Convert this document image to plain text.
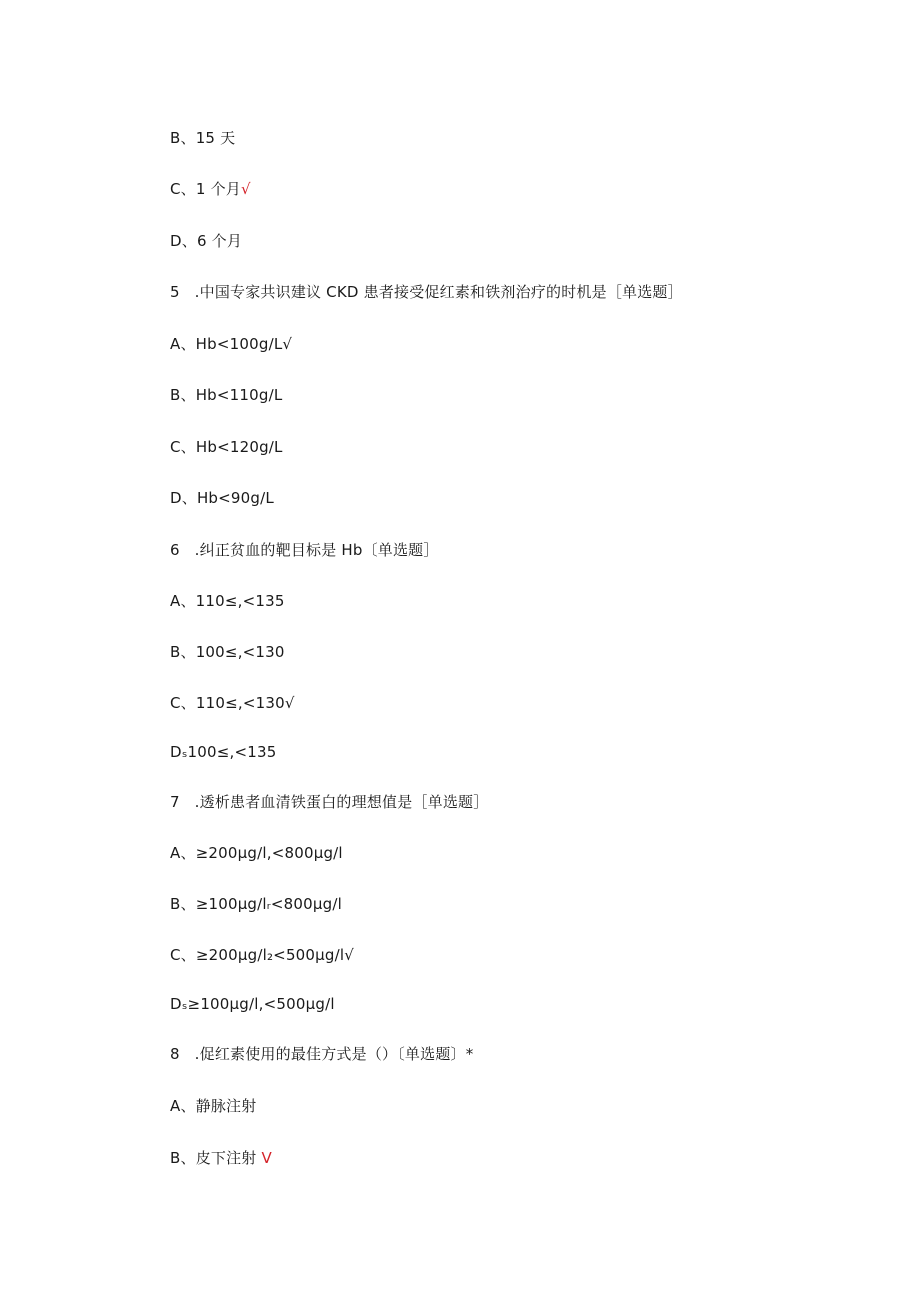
B、15 天
C、1 个月√
D、6 个月
5   .中国专家共识建议 CKD 患者接受促红素和铁剂治疗的时机是［单选题］
A、Hb<100g∕L√
B、Hb<110g∕L
C、Hb<120g∕L
D、Hb<90g∕L
6   .纠正贫血的靶目标是 Hb〔单选题］
A、110≤,<135
B、100≤,<130
C、110≤,<130√
Dₛ100≤,<135
7   .透析患者血清铁蛋白的理想值是［单选题］
A、≥200μg∕l,<800μg∕l
B、≥100μg∕lᵣ<800μg∕l
C、≥200μg∕l₂<500μg∕l√
Dₛ≥100μg∕l,<500μg∕l
8   .促红素使用的最佳方式是（）〔单选题〕*
A、静脉注射
B、皮下注射 V
